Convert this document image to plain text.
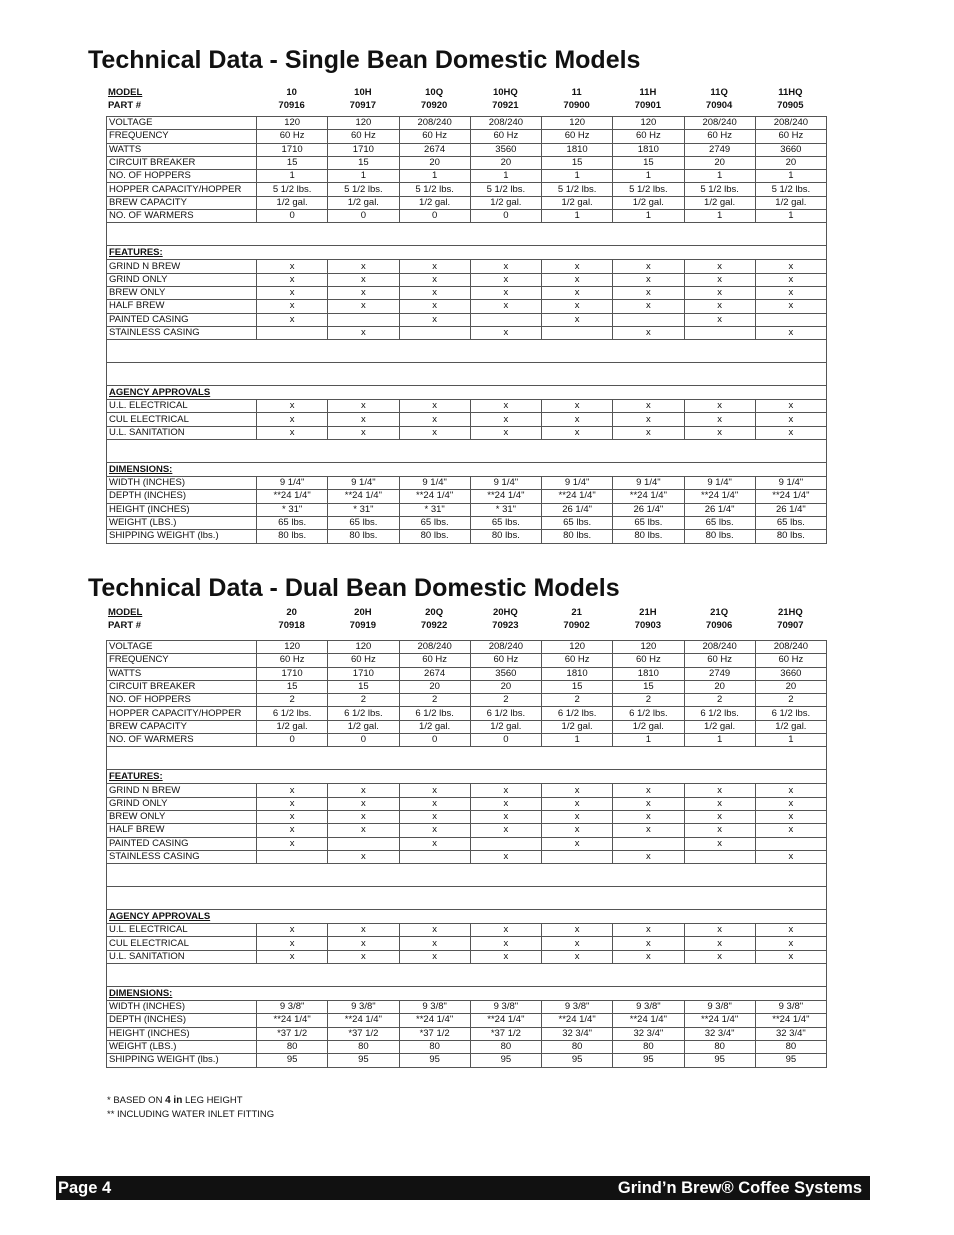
Technical Data - Single Bean Domestic Models
MODEL	10	10H	10Q	10HQ	11	11H	11Q	11HQ
PART #	70916	70917	70920	70921	70900	70901	70904	70905
VOLTAGE	120	120	208/240	208/240	120	120	208/240	208/240
FREQUENCY	60 Hz	60 Hz	60 Hz	60 Hz	60 Hz	60 Hz	60 Hz	60 Hz
WATTS	1710	1710	2674	3560	1810	1810	2749	3660
CIRCUIT BREAKER	15	15	20	20	15	15	20	20
NO. OF HOPPERS	1	1	1	1	1	1	1	1
HOPPER CAPACITY/HOPPER	5 1/2 lbs.	5 1/2 lbs.	5 1/2 lbs.	5 1/2 lbs.	5 1/2 lbs.	5 1/2 lbs.	5 1/2 lbs.	5 1/2 lbs.
BREW CAPACITY	1/2 gal.	1/2 gal.	1/2 gal.	1/2 gal.	1/2 gal.	1/2 gal.	1/2 gal.	1/2 gal.
NO. OF WARMERS	0	0	0	0	1	1	1	1

FEATURES:								
GRIND N BREW	x	x	x	x	x	x	x	x
GRIND ONLY	x	x	x	x	x	x	x	x
BREW ONLY	x	x	x	x	x	x	x	x
HALF BREW	x	x	x	x	x	x	x	x
PAINTED CASING	x		x		x		x	
STAINLESS CASING		x		x		x		x

AGENCY APPROVALS								
U.L. ELECTRICAL	x	x	x	x	x	x	x	x
CUL ELECTRICAL	x	x	x	x	x	x	x	x
U.L. SANITATION	x	x	x	x	x	x	x	x

DIMENSIONS:								
WIDTH (INCHES)	9 1/4"	9 1/4"	9 1/4"	9 1/4"	9 1/4"	9 1/4"	9 1/4"	9 1/4"
DEPTH (INCHES)	**24 1/4"	**24 1/4"	**24 1/4"	**24 1/4"	**24 1/4"	**24 1/4"	**24 1/4"	**24 1/4"
HEIGHT (INCHES)	* 31"	* 31"	* 31"	* 31"	26 1/4"	26 1/4"	26 1/4"	26 1/4"
WEIGHT (LBS.)	65 lbs.	65 lbs.	65 lbs.	65 lbs.	65 lbs.	65 lbs.	65 lbs.	65 lbs.
SHIPPING WEIGHT (lbs.)	80 lbs.	80 lbs.	80 lbs.	80 lbs.	80 lbs.	80 lbs.	80 lbs.	80 lbs.
Technical Data - Dual Bean Domestic Models
MODEL	20	20H	20Q	20HQ	21	21H	21Q	21HQ
PART #	70918	70919	70922	70923	70902	70903	70906	70907
VOLTAGE	120	120	208/240	208/240	120	120	208/240	208/240
FREQUENCY	60 Hz	60 Hz	60 Hz	60 Hz	60 Hz	60 Hz	60 Hz	60 Hz
WATTS	1710	1710	2674	3560	1810	1810	2749	3660
CIRCUIT BREAKER	15	15	20	20	15	15	20	20
NO. OF HOPPERS	2	2	2	2	2	2	2	2
HOPPER CAPACITY/HOPPER	6 1/2 lbs.	6 1/2 lbs.	6 1/2 lbs.	6 1/2 lbs.	6 1/2 lbs.	6 1/2 lbs.	6 1/2 lbs.	6 1/2 lbs.
BREW CAPACITY	1/2 gal.	1/2 gal.	1/2 gal.	1/2 gal.	1/2 gal.	1/2 gal.	1/2 gal.	1/2 gal.
NO. OF WARMERS	0	0	0	0	1	1	1	1

FEATURES:								
GRIND N BREW	x	x	x	x	x	x	x	x
GRIND ONLY	x	x	x	x	x	x	x	x
BREW ONLY	x	x	x	x	x	x	x	x
HALF BREW	x	x	x	x	x	x	x	x
PAINTED CASING	x		x		x		x	
STAINLESS CASING		x		x		x		x

AGENCY APPROVALS								
U.L. ELECTRICAL	x	x	x	x	x	x	x	x
CUL ELECTRICAL	x	x	x	x	x	x	x	x
U.L. SANITATION	x	x	x	x	x	x	x	x

DIMENSIONS:								
WIDTH (INCHES)	9 3/8"	9 3/8"	9 3/8"	9 3/8"	9 3/8"	9 3/8"	9 3/8"	9 3/8"
DEPTH (INCHES)	**24 1/4"	**24 1/4"	**24 1/4"	**24 1/4"	**24 1/4"	**24 1/4"	**24 1/4"	**24 1/4"
HEIGHT (INCHES)	*37 1/2	*37 1/2	*37 1/2	*37 1/2	32 3/4"	32 3/4"	32 3/4"	32 3/4"
WEIGHT (LBS.)	80	80	80	80	80	80	80	80
SHIPPING WEIGHT (lbs.)	95	95	95	95	95	95	95	95
* BASED ON 4 in LEG HEIGHT
** INCLUDING WATER INLET FITTING
Page 4	Grind’n Brew® Coffee Systems
